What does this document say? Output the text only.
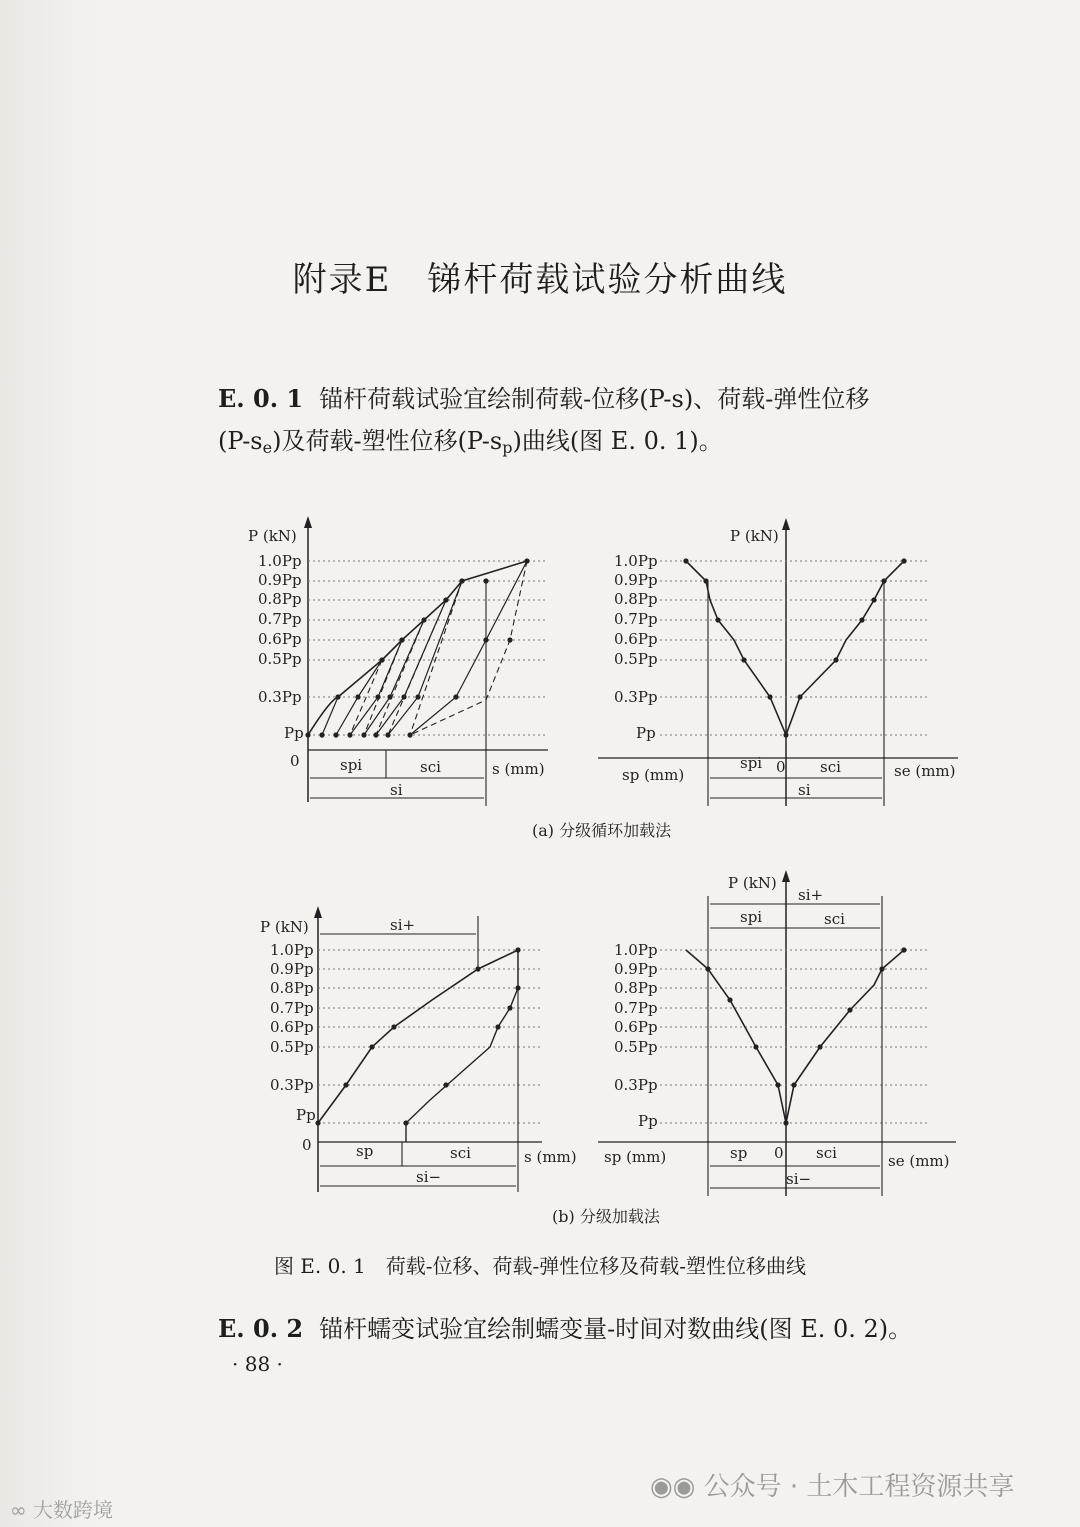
附录E　锑杆荷载试验分析曲线
E. 0. 1 锚杆荷载试验宜绘制荷载-位移(P-s)、荷载-弹性位移
$(P-s_e)$及荷载-塑性位移$(P-s_p)$曲线(图 E. 0. 1)。
P (kN)
1.0Pp
0.9Pp
0.8Pp
0.7Pp
0.6Pp
0.5Pp
0.3Pp
Pp
0	spi	sci	s (mm)
si
P (kN)
1.0Pp
0.9Pp
0.8Pp
0.7Pp
0.6Pp
0.5Pp
0.3Pp
Pp
sp (mm)
spi 0 sci	se (mm)
si
(a) 分级循环加载法
P (kN)	si+
1.0Pp
0.9Pp
0.8Pp
0.7Pp
0.6Pp
0.5Pp
0.3Pp
Pp
0	sp	sci	s (mm)
si−
P (kN)
si+
spi	sci
1.0Pp
0.9Pp
0.8Pp
0.7Pp
0.6Pp
0.5Pp
0.3Pp
Pp
sp (mm)	sp 0 sci	se (mm)
si−
(b) 分级加载法
图 E. 0. 1　荷载-位移、荷载-弹性位移及荷载-塑性位移曲线
E. 0. 2 锚杆蠕变试验宜绘制蠕变量-时间对数曲线(图 E. 0. 2)。
· 88 ·
◉◉ 公众号 · 土木工程资源共享
∞ 大数跨境
